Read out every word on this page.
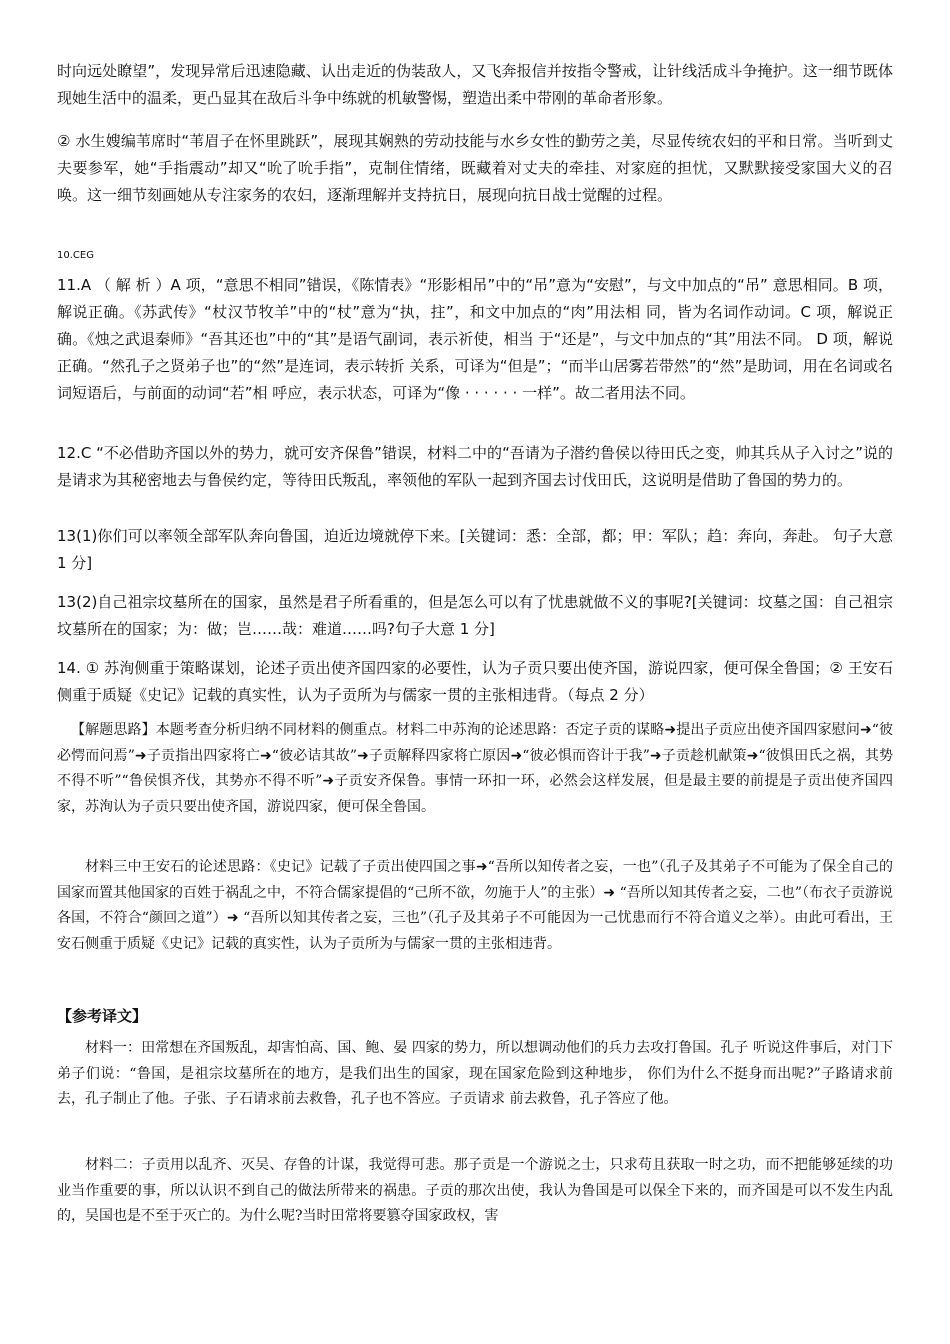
时向远处瞭望”，发现异常后迅速隐藏、认出走近的伪装敌人，又飞奔报信并按指令警戒，让针线活成斗争掩护。这一细节既体现她生活中的温柔，更凸显其在敌后斗争中练就的机敏警惕，塑造出柔中带刚的革命者形象。

② 水生嫂编苇席时“苇眉子在怀里跳跃”，展现其娴熟的劳动技能与水乡女性的勤劳之美，尽显传统农妇的平和日常。当听到丈夫要参军，她“手指震动”却又“吮了吮手指”，克制住情绪，既藏着对丈夫的牵挂、对家庭的担忧，又默默接受家国大义的召唤。这一细节刻画她从专注家务的农妇，逐渐理解并支持抗日，展现向抗日战士觉醒的过程。

10.CEG

11.A （ 解 析 ）A 项，“意思不相同”错误，《陈情表》“形影相吊”中的“吊”意为“安慰”，与文中加点的“吊” 意思相同。B 项，解说正确。《苏武传》“杖汉节牧羊”中的“杖”意为“执，拄”，和文中加点的“肉”用法相 同，皆为名词作动词。C 项，解说正确。《烛之武退秦师》“吾其还也”中的“其”是语气副词，表示祈使，相当 于“还是”，与文中加点的“其”用法不同。 D 项，解说正确。“然孔子之贤弟子也”的“然”是连词，表示转折 关系，可译为“但是”；“而半山居雾若带然”的“然”是助词，用在名词或名词短语后，与前面的动词“若”相 呼应，表示状态，可译为“像 · · · · · · 一样”。故二者用法不同。

12.C “不必借助齐国以外的势力，就可安齐保鲁”错误，材料二中的“吾请为子潜约鲁侯以待田氏之变，帅其兵从子入讨之”说的是请求为其秘密地去与鲁侯约定，等待田氏叛乱，率领他的军队一起到齐国去讨伐田氏，这说明是借助了鲁国的势力的。

13(1)你们可以率领全部军队奔向鲁国，迫近边境就停下来。[关键词：悉：全部，都；甲：军队；趋：奔向，奔赴。 句子大意 1 分]

13(2)自己祖宗坟墓所在的国家，虽然是君子所看重的，但是怎么可以有了忧患就做不义的事呢?[关键词：坟墓之国：自己祖宗坟墓所在的国家；为：做；岂……哉：难道……吗?句子大意 1 分]

14. ① 苏洵侧重于策略谋划，论述子贡出使齐国四家的必要性，认为子贡只要出使齐国，游说四家，便可保全鲁国；② 王安石侧重于质疑《史记》记载的真实性，认为子贡所为与儒家一贯的主张相违背。（每点 2 分）

【解题思路】本题考查分析归纳不同材料的侧重点。材料二中苏洵的论述思路：否定子贡的谋略➜提出子贡应出使齐国四家慰问➜“彼必愕而问焉”➜子贡指出四家将亡➜“彼必诘其故”➜子贡解释四家将亡原因➜“彼必惧而咨计于我”➜子贡趁机献策➜“彼惧田氏之祸，其势不得不听”“鲁侯惧齐伐，其势亦不得不听”➜子贡安齐保鲁。事情一环扣一环，必然会这样发展，但是最主要的前提是子贡出使齐国四家，苏洵认为子贡只要出使齐国，游说四家，便可保全鲁国。

材料三中王安石的论述思路：《史记》记载了子贡出使四国之事➜“吾所以知传者之妄，一也”（孔子及其弟子不可能为了保全自己的国家而置其他国家的百姓于祸乱之中，不符合儒家提倡的“己所不欲，勿施于人”的主张）➜ “吾所以知其传者之妄，二也”（布衣子贡游说各国，不符合“颜回之道”）➜ “吾所以知其传者之妄，三也”（孔子及其弟子不可能因为一己忧患而行不符合道义之举）。由此可看出，王安石侧重于质疑《史记》记载的真实性，认为子贡所为与儒家一贯的主张相违背。

【参考译文】

材料一：田常想在齐国叛乱，却害怕高、国、鲍、晏 四家的势力，所以想调动他们的兵力去攻打鲁国。孔子 听说这件事后，对门下弟子们说：“鲁国，是祖宗坟墓所在的地方，是我们出生的国家，现在国家危险到这种地步， 你们为什么不挺身而出呢?”子路请求前去，孔子制止了他。子张、子石请求前去救鲁，孔子也不答应。子贡请求 前去救鲁，孔子答应了他。

材料二：子贡用以乱齐、灭吴、存鲁的计谋，我觉得可悲。那子贡是一个游说之士，只求苟且获取一时之功，而不把能够延续的功业当作重要的事，所以认识不到自己的做法所带来的祸患。子贡的那次出使，我认为鲁国是可以保全下来的，而齐国是可以不发生内乱的，吴国也是不至于灭亡的。为什么呢?当时田常将要篡夺国家政权，害
